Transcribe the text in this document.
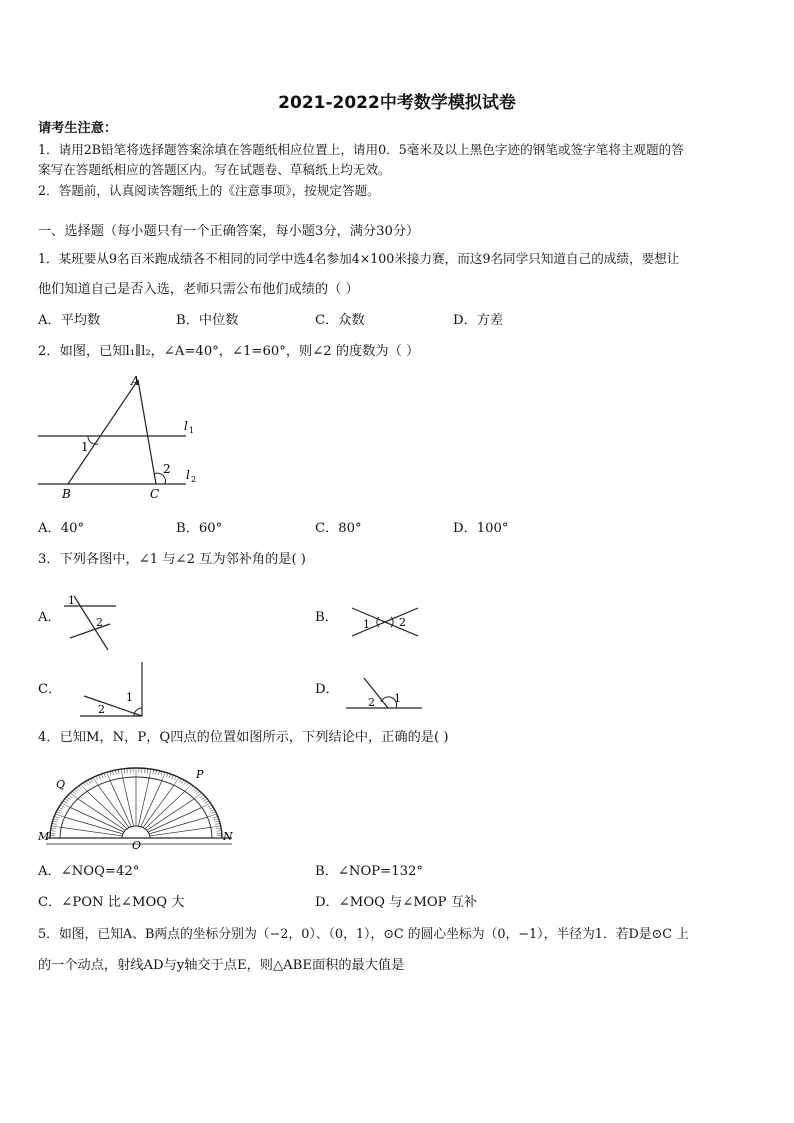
2021-2022中考数学模拟试卷
请考生注意：
1．请用2B铅笔将选择题答案涂填在答题纸相应位置上，请用0．5毫米及以上黑色字迹的钢笔或签字笔将主观题的答
案写在答题纸相应的答题区内。写在试题卷、草稿纸上均无效。
2．答题前，认真阅读答题纸上的《注意事项》，按规定答题。
一、选择题（每小题只有一个正确答案，每小题3分，满分30分）
1．某班要从9名百米跑成绩各不相同的同学中选4名参加4×100米接力赛，而这9名同学只知道自己的成绩，要想让
他们知道自己是否入选，老师只需公布他们成绩的（ ）
A．平均数	B．中位数	C．众数	D．方差
2．如图，已知l₁∥l₂，∠A=40°，∠1=60°，则∠2 的度数为（ ）
A
B	C
1
2
l 1
l 2
A．40°	B．60°	C．80°	D．100°
3．下列各图中，∠1 与∠2 互为邻补角的是( )
A．
1
2	B． 1	2
C．
1
2
D．
2 1
4．已知M，N，P，Q四点的位置如图所示，下列结论中，正确的是( )
M	N
P
Q
O
A．∠NOQ=42°	B．∠NOP=132°
C．∠PON 比∠MOQ 大	D．∠MOQ 与∠MOP 互补
5．如图，已知A、B两点的坐标分别为（−2，0）、（0，1），⊙C 的圆心坐标为（0，−1），半径为1．若D是⊙C 上
的一个动点，射线AD与y轴交于点E，则△ABE面积的最大值是
